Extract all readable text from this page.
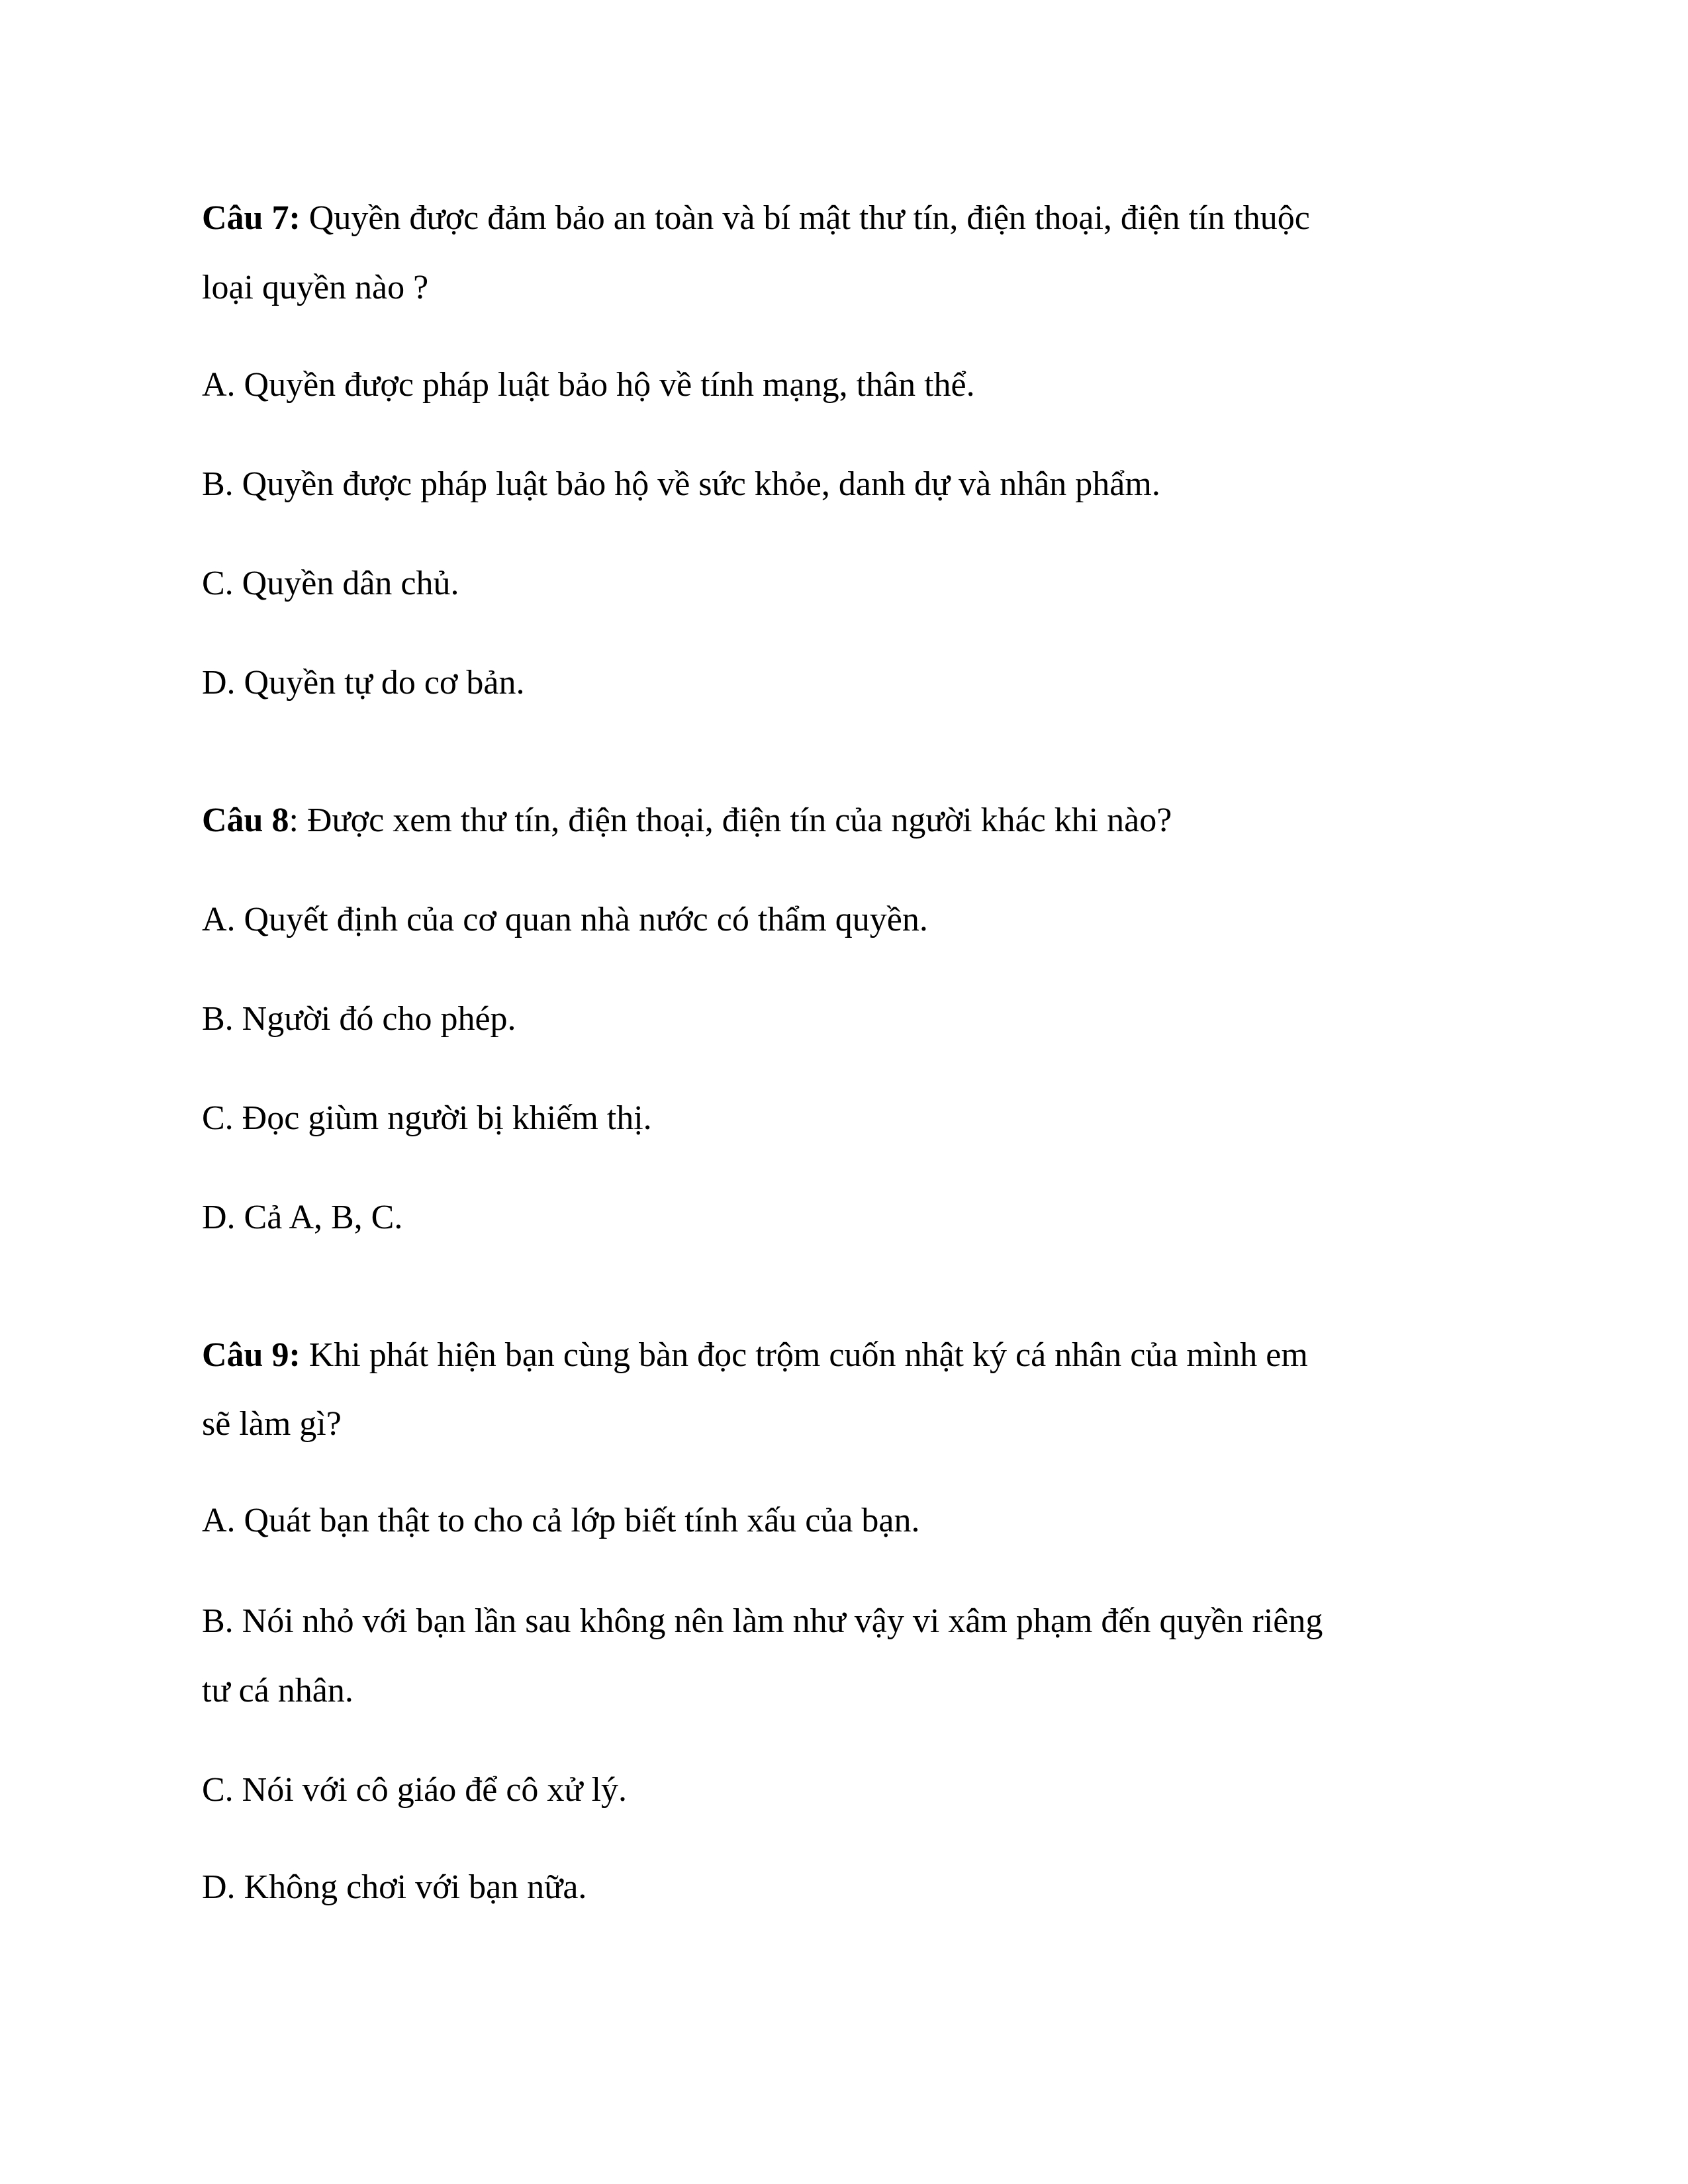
Câu 7: Quyền được đảm bảo an toàn và bí mật thư tín, điện thoại, điện tín thuộc
loại quyền nào ?
A. Quyền được pháp luật bảo hộ về tính mạng, thân thể.
B. Quyền được pháp luật bảo hộ về sức khỏe, danh dự và nhân phẩm.
C. Quyền dân chủ.
D. Quyền tự do cơ bản.
Câu 8: Được xem thư tín, điện thoại, điện tín của người khác khi nào?
A. Quyết định của cơ quan nhà nước có thẩm quyền.
B. Người đó cho phép.
C. Đọc giùm người bị khiếm thị.
D. Cả A, B, C.
Câu 9: Khi phát hiện bạn cùng bàn đọc trộm cuốn nhật ký cá nhân của mình em
sẽ làm gì?
A. Quát bạn thật to cho cả lớp biết tính xấu của bạn.
B. Nói nhỏ với bạn lần sau không nên làm như vậy vi xâm phạm đến quyền riêng
tư cá nhân.
C. Nói với cô giáo để cô xử lý.
D. Không chơi với bạn nữa.
